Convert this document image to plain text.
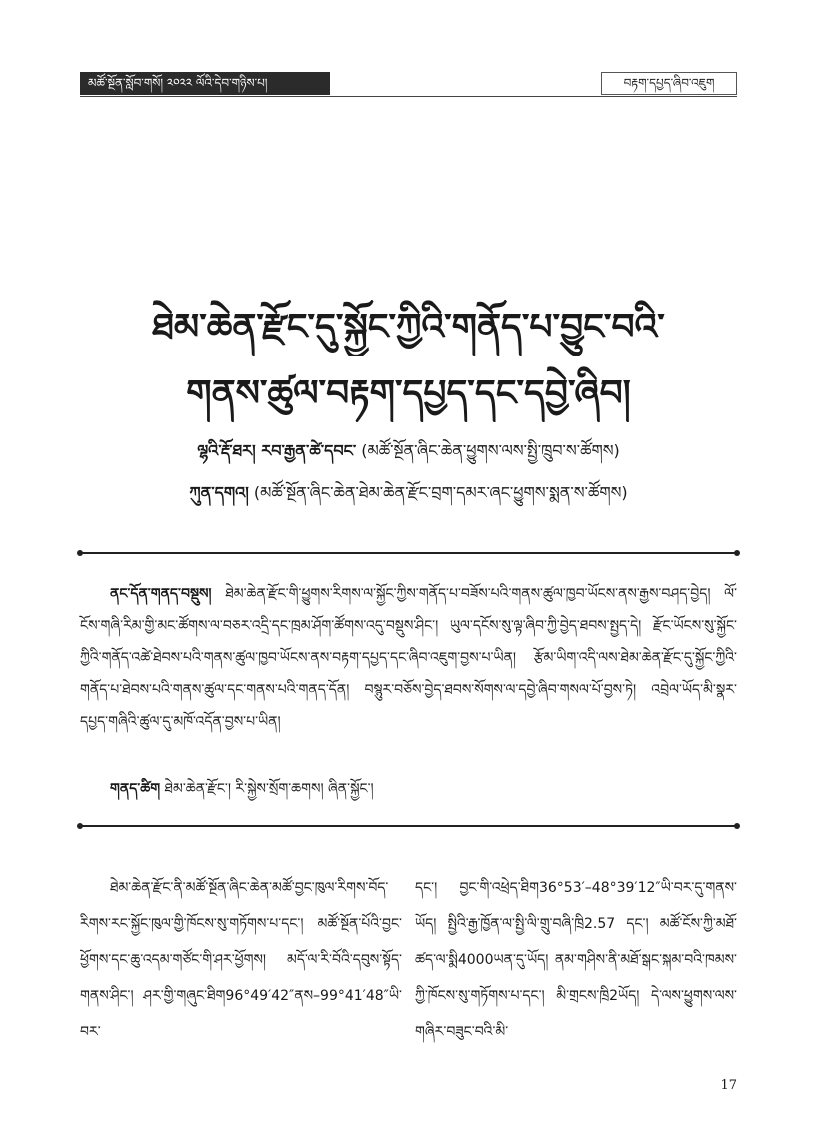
མཚོ་སྔོན་སློབ་གསོ། ༢༠༢༢ ལོའི་དེབ་གཉིས་པ།	བརྟག་དཔྱད་ཞིབ་འཇུག
ཐེམ་ཆེན་རྫོང་དུ་སྐྱོང་ཀྱིའི་གནོད་པ་བྱུང་བའི་
གནས་ཚུལ་བརྟག་དཔྱད་དང་དབྱེ་ཞིབ།
ལྷའི་རྡོ་ཐར། རབ་རྒྱན་ཚེ་དབང་ (མཚོ་སྔོན་ཞིང་ཆེན་ཕྱུགས་ལས་སྤྱི་ཁྲུབ་ས་ཚོགས)
ཀུན་དགའ། (མཚོ་སྔོན་ཞིང་ཆེན་ཐེམ་ཆེན་རྫོང་བྲག་དམར་ཞང་ཕྱུགས་སྨན་ས་ཚོགས)
ནང་དོན་གནད་བསྡུས། ཐེམ་ཆེན་རྫོང་གི་ཕྱུགས་རིགས་ལ་སྐྱོང་ཀྱིས་གནོད་པ་བཟོས་པའི་གནས་ཚུལ་ཁྱབ་ཡོངས་ནས་རྒྱས་བཤད་བྱེད། ལོ་ངོས་གཞི་རིམ་གྱི་མང་ཚོགས་ལ་བཅར་འདྲི་དང་ཁྲམ་ཤོག་ཚོགས་འདུ་བསྡུས་ཤིང་། ཡུལ་དངོས་སུ་ལྟ་ཞིབ་ཀྱི་བྱེད་ཐབས་སྤྱད་དེ། རྫོང་ཡོངས་སུ་སྐྱོང་ཀྱིའི་གནོད་འཚེ་ཐེབས་པའི་གནས་ཚུལ་ཁྱབ་ཡོངས་ནས་བརྟག་དཔྱད་དང་ཞིབ་འཇུག་བྱས་པ་ཡིན། རྩོམ་ཡིག་འདི་ལས་ཐེམ་ཆེན་རྫོང་དུ་སྐྱོང་ཀྱིའི་གནོད་པ་ཐེབས་པའི་གནས་ཚུལ་དང་གནས་པའི་གནད་དོན། བསྙུར་བཅོས་བྱེད་ཐབས་སོགས་ལ་དབྱེ་ཞིབ་གསལ་པོ་བྱས་ཏེ། འབྲེལ་ཡོད་མི་སྣར་དཔྱད་གཞིའི་ཚུལ་དུ་མཁོ་འདོན་བྱས་པ་ཡིན།
གནད་ཚིག ཐེམ་ཆེན་རྫོང་། རི་སྐྱེས་སྲོག་ཆགས། ཞིན་སྐྱོང་།
ཐེམ་ཆེན་རྫོང་ནི་མཚོ་སྔོན་ཞིང་ཆེན་མཚོ་བྱང་ཁུལ་རིགས་བོད་རིགས་རང་སྐྱོང་ཁུལ་གྱི་ཁོངས་སུ་གཏོགས་པ་དང་། མཚོ་སྔོན་པོའི་བྱང་ཕྱོགས་དང་ཆུ་འདམ་གཙོང་གི་ཤར་ཕྱོགས། མདོ་ལ་རི་བོའི་དབུས་སྟོད་གནས་ཤིང་། ཤར་གྱི་གཞུང་ཐིག96°49′42″ནས–99°41′48″ཡི་བར་
དང་། བྱང་གི་འཕྲེད་ཐིག36°53′–48°39′12″ཡི་བར་དུ་གནས་ཡོད། སྤྱིའི་རྒྱ་ཁྱོན་ལ་སྤྱི་ལི་གྲུ་བཞི་ཁྲི2.57 དང་། མཚོ་ངོས་ཀྱི་མཐོ་ཚད་ལ་སྨི4000ཡན་དུ་ཡོད། ནམ་གཤིས་ནི་མཐོ་སྒང་སྐམ་བའི་ཁམས་ཀྱི་ཁོངས་སུ་གཏོགས་པ་དང་། མི་གྲངས་ཁྲི2ཡོད། དེ་ལས་ཕྱུགས་ལས་གཞིར་བཟུང་བའི་མི་
17
